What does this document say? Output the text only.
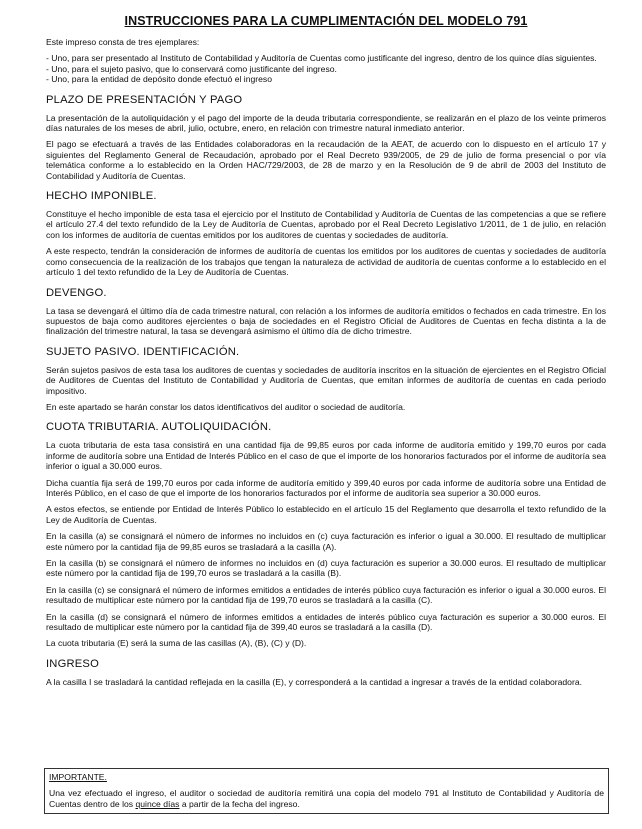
INSTRUCCIONES PARA LA CUMPLIMENTACIÓN DEL MODELO 791

Este impreso consta de tres ejemplares:

- Uno, para ser presentado al Instituto de Contabilidad y Auditoría de Cuentas como justificante del ingreso, dentro de los quince días siguientes.

- Uno, para el sujeto pasivo, que lo conservará como justificante del ingreso.

- Uno, para la entidad de depósito donde efectuó el ingreso

PLAZO DE PRESENTACIÓN Y PAGO

La presentación de la autoliquidación y el pago del importe de la deuda tributaria correspondiente, se realizarán en el plazo de los veinte primeros días naturales de los meses de abril, julio, octubre, enero, en relación con trimestre natural inmediato anterior.

El pago se efectuará a través de las Entidades colaboradoras en la recaudación de la AEAT, de acuerdo con lo dispuesto en el artículo 17 y siguientes del Reglamento General de Recaudación, aprobado por el Real Decreto 939/2005, de 29 de julio de forma presencial o por vía telemática conforme a lo establecido en la Orden HAC/729/2003, de 28 de marzo y en la Resolución de 9 de abril de 2003 del Instituto de Contabilidad y Auditoría de Cuentas.

HECHO IMPONIBLE.

Constituye el hecho imponible de esta tasa el ejercicio por el Instituto de Contabilidad y Auditoría de Cuentas de las competencias a que se refiere el artículo 27.4 del texto refundido de la Ley de Auditoría de Cuentas, aprobado por el Real Decreto Legislativo 1/2011, de 1 de julio, en relación con los informes de auditoría de cuentas emitidos por los auditores de cuentas y sociedades de auditoría.

A este respecto, tendrán la consideración de informes de auditoría de cuentas los emitidos por los auditores de cuentas y sociedades de auditoría como consecuencia de la realización de los trabajos que tengan la naturaleza de actividad de auditoría de cuentas conforme a lo establecido en el artículo 1 del texto refundido de la Ley de Auditoría de Cuentas.

DEVENGO.

La tasa se devengará el último día de cada trimestre natural, con relación a los informes de auditoría emitidos o fechados en cada trimestre. En los supuestos de baja como auditores ejercientes o baja de sociedades en el Registro Oficial de Auditores de Cuentas en fecha distinta a la de finalización del trimestre natural, la tasa se devengará asimismo el último día de dicho trimestre.

SUJETO PASIVO. IDENTIFICACIÓN.

Serán sujetos pasivos de esta tasa los auditores de cuentas y sociedades de auditoría inscritos en la situación de ejercientes en el Registro Oficial de Auditores de Cuentas del Instituto de Contabilidad y Auditoría de Cuentas, que emitan informes de auditoría de cuentas en cada periodo impositivo.

En este apartado se harán constar los datos identificativos del auditor o sociedad de auditoría.

CUOTA TRIBUTARIA. AUTOLIQUIDACIÓN.

La cuota tributaria de esta tasa consistirá en una cantidad fija de 99,85 euros por cada informe de auditoría emitido y 199,70 euros por cada informe de auditoría sobre una Entidad de Interés Público en el caso de que el importe de los honorarios facturados por el informe de auditoría sea inferior o igual a 30.000 euros.

Dicha cuantía fija será de 199,70 euros por cada informe de auditoría emitido y 399,40 euros por cada informe de auditoría sobre una Entidad de Interés Público, en el caso de que el importe de los honorarios facturados por el informe de auditoría sea superior a 30.000 euros.

A estos efectos, se entiende por Entidad de Interés Público lo establecido en el artículo 15 del Reglamento que desarrolla el texto refundido de la Ley de Auditoría de Cuentas.

En la casilla (a) se consignará el número de informes no incluidos en (c) cuya facturación es inferior o igual a 30.000. El resultado de multiplicar este número por la cantidad fija de 99,85 euros se trasladará a la casilla (A).

En la casilla (b) se consignará el número de informes no incluidos en (d) cuya facturación es superior a 30.000 euros. El resultado de multiplicar este número por la cantidad fija de 199,70 euros se trasladará a la casilla (B).

En la casilla (c) se consignará el número de informes emitidos a entidades de interés público cuya facturación es inferior o igual a 30.000 euros. El resultado de multiplicar este número por la cantidad fija de 199,70 euros se trasladará a la casilla (C).

En la casilla (d) se consignará el número de informes emitidos a entidades de interés público cuya facturación es superior a 30.000 euros. El resultado de multiplicar este número por la cantidad fija de 399,40 euros se trasladará a la casilla (D).

La cuota tributaria (E) será la suma de las casillas (A), (B), (C) y (D).

INGRESO

A la casilla I se trasladará la cantidad reflejada en la casilla (E), y corresponderá a la cantidad a ingresar a través de la entidad colaboradora.

IMPORTANTE.

Una vez efectuado el ingreso, el auditor o sociedad de auditoría remitirá una copia del modelo 791 al Instituto de Contabilidad y Auditoría de Cuentas dentro de los quince días a partir de la fecha del ingreso.
